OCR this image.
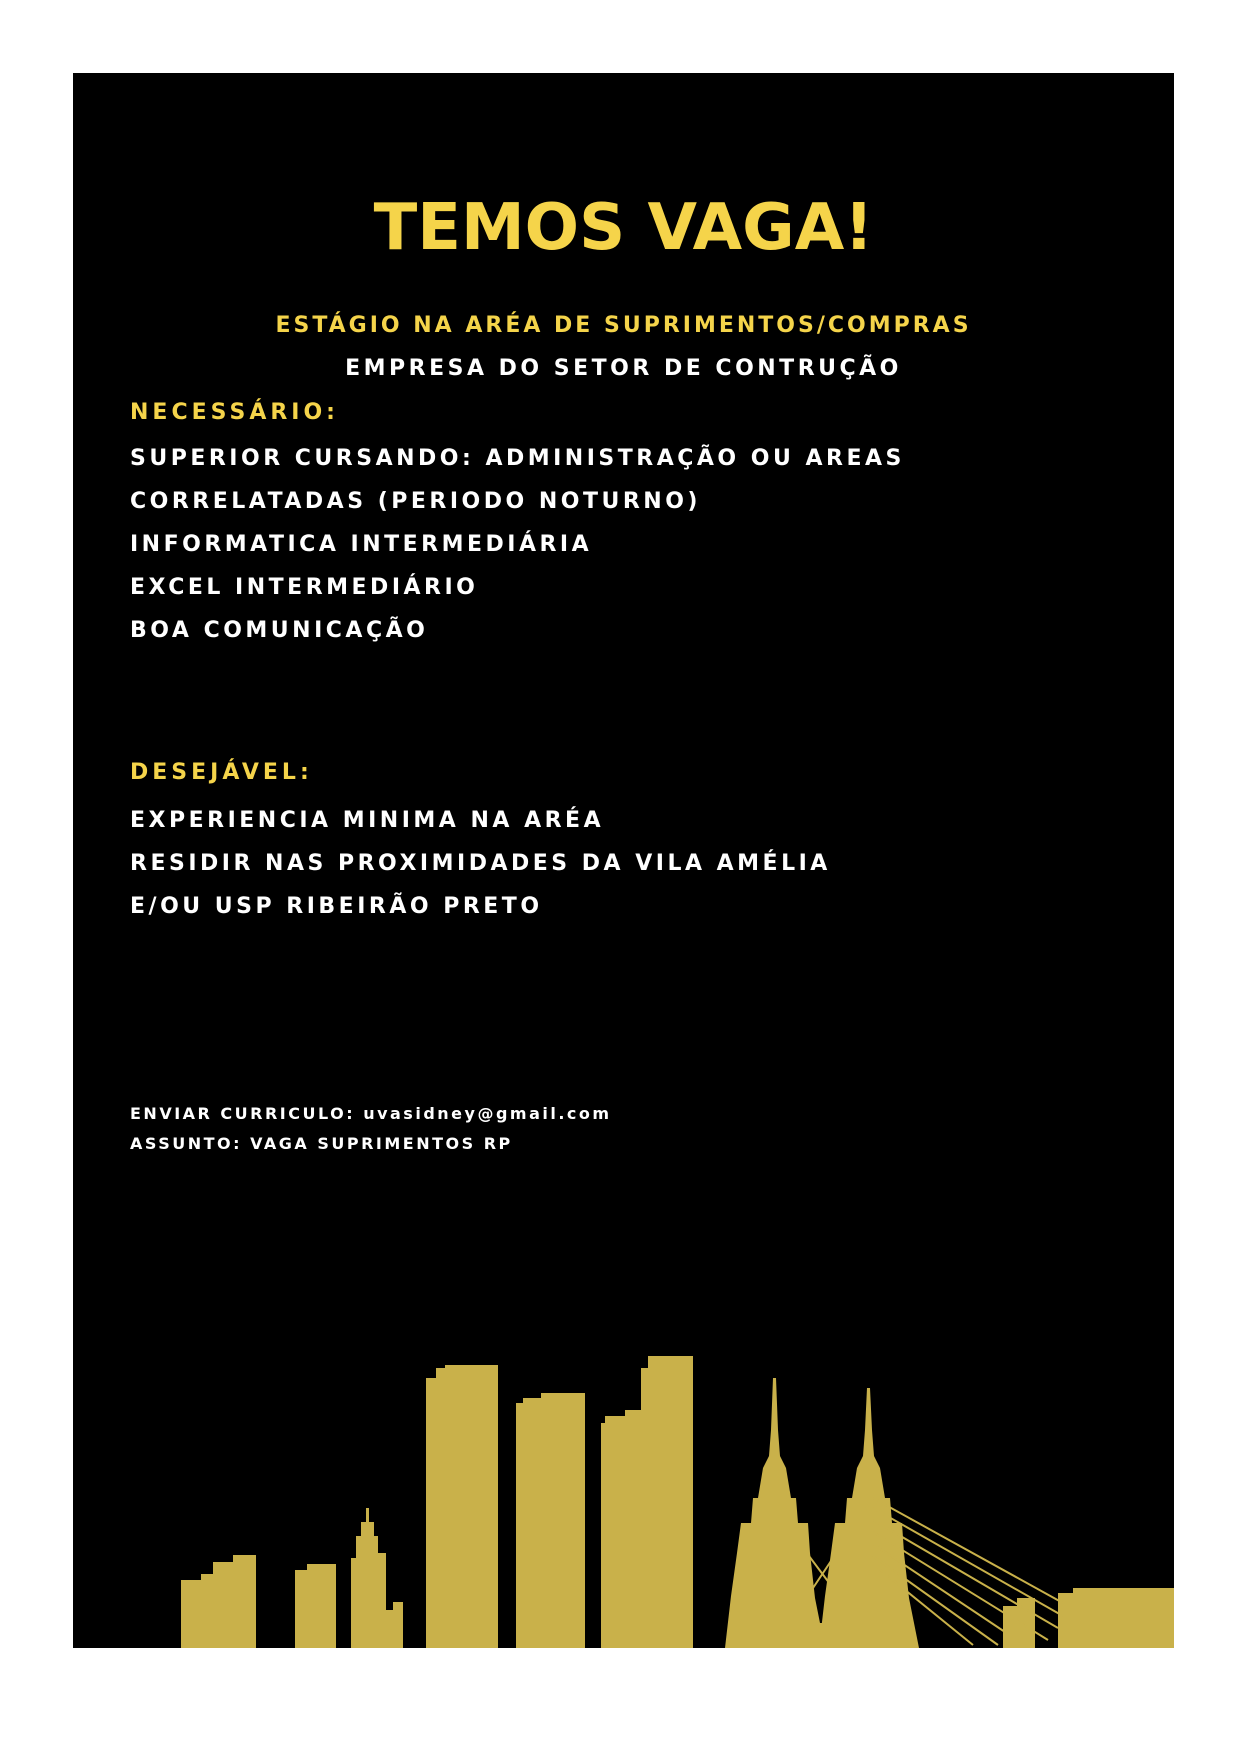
TEMOS VAGA!

ESTÁGIO NA ARÉA DE SUPRIMENTOS/COMPRAS

EMPRESA DO SETOR DE CONTRUÇÃO

NECESSÁRIO:

SUPERIOR CURSANDO: ADMINISTRAÇÃO OU AREAS
CORRELATADAS (PERIODO NOTURNO)
INFORMATICA INTERMEDIÁRIA
EXCEL INTERMEDIÁRIO
BOA COMUNICAÇÃO

DESEJÁVEL:

EXPERIENCIA MINIMA NA ARÉA
RESIDIR NAS PROXIMIDADES DA VILA AMÉLIA
E/OU USP RIBEIRÃO PRETO
ENVIAR CURRICULO: uvasidney@gmail.com
ASSUNTO: VAGA SUPRIMENTOS RP
